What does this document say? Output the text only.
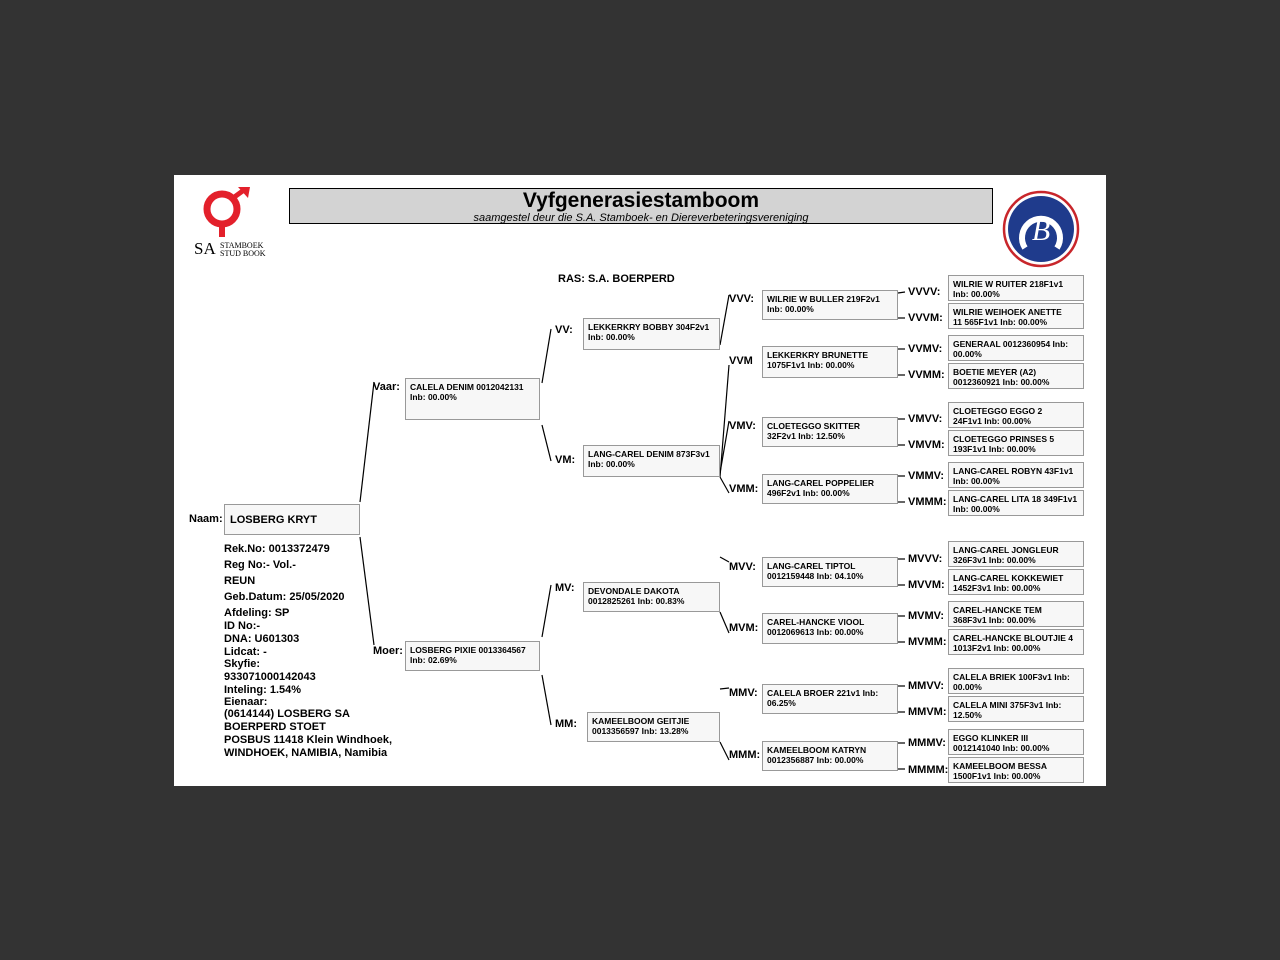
SA STAMBOEK
STUD BOOK
Vyfgenerasiestamboom
saamgestel deur die S.A. Stamboek- en Diereverbeteringsvereniging	B
RAS: S.A. BOERPERD
Naam: LOSBERG KRYT
Rek.No: 0013372479
Reg No:- Vol.-
REUN
Geb.Datum: 25/05/2020
Afdeling: SP
ID No:-
DNA: U601303
Lidcat: -
Skyfie:
933071000142043
Inteling: 1.54%
Eienaar:
(0614144) LOSBERG SA
BOERPERD STOET
POSBUS 11418 Klein Windhoek,
WINDHOEK, NAMIBIA, Namibia
Vaar: CALELA DENIM 0012042131
Inb: 00.00%
Moer: LOSBERG PIXIE 0013364567
Inb: 02.69%
VV: LEKKERKRY BOBBY 304F2v1
Inb: 00.00%
VM: LANG-CAREL DENIM 873F3v1
Inb: 00.00%
MV: DEVONDALE DAKOTA
0012825261 Inb: 00.83%
MM: KAMEELBOOM GEITJIE
0013356597 Inb: 13.28%
VVV: WILRIE W BULLER 219F2v1
Inb: 00.00%
VVM LEKKERKRY BRUNETTE
1075F1v1 Inb: 00.00%
VMV: CLOETEGGO SKITTER
32F2v1 Inb: 12.50%
VMM: LANG-CAREL POPPELIER
496F2v1 Inb: 00.00%
MVV: LANG-CAREL TIPTOL
0012159448 Inb: 04.10%
MVM: CAREL-HANCKE VIOOL
0012069613 Inb: 00.00%
MMV: CALELA BROER 221v1 Inb:
06.25%
MMM: KAMEELBOOM KATRYN
0012356887 Inb: 00.00%
VVVV:
WILRIE W RUITER 218F1v1
Inb: 00.00%
VVVM: WILRIE WEIHOEK ANETTE
11 565F1v1 Inb: 00.00%
VVMV: GENERAAL 0012360954 Inb:
00.00%
VVMM: BOETIE MEYER (A2)
0012360921 Inb: 00.00%
VMVV:
CLOETEGGO EGGO 2
24F1v1 Inb: 00.00%
VMVM: CLOETEGGO PRINSES 5
193F1v1 Inb: 00.00%
VMMV: LANG-CAREL ROBYN 43F1v1
Inb: 00.00%
VMMM: LANG-CAREL LITA 18 349F1v1
Inb: 00.00%
MVVV:
LANG-CAREL JONGLEUR
326F3v1 Inb: 00.00%
MVVM:
LANG-CAREL KOKKEWIET
1452F3v1 Inb: 00.00%
MVMV: CAREL-HANCKE TEM
368F3v1 Inb: 00.00%
MVMM: CAREL-HANCKE BLOUTJIE 4
1013F2v1 Inb: 00.00%
MMVV:
CALELA BRIEK 100F3v1 Inb:
00.00%
MMVM:
CALELA MINI 375F3v1 Inb:
12.50%
MMMV: EGGO KLINKER III
0012141040 Inb: 00.00%
MMMM: KAMEELBOOM BESSA
1500F1v1 Inb: 00.00%
